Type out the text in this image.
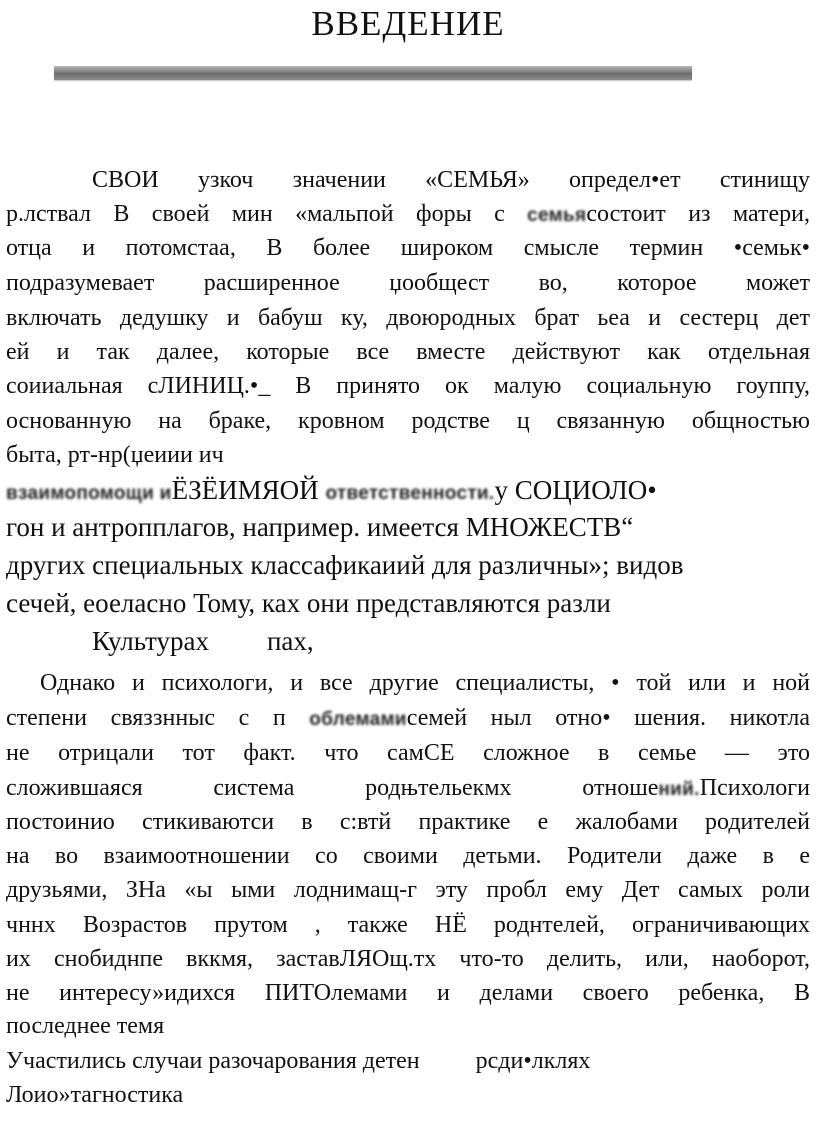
ВВЕДЕНИЕ
СВОИ узкоч значении «СЕМЬЯ» определ•ет стинищу
р.лствал В своей мин «мальпой форы с семьясостоит из матери,
отца и потомстаа, В более широком смысле термин •семьк•
подразумевает расширенное џообщест во, которое может
включать дедушку и бабуш ку, двоюродных брат ьеа и сестерц дет
ей и так далее, которые все вместе действуют как отдельная
соииальная сЛИНИЦ.•_ В принято ок малую социальную гоуппу,
основанную на браке, кровном родстве ц связанную общностью
быта, рт-нр(џеиии ич
взаимопомощи иЁЗЁИМЯОЙ ответственности.у СОЦИОЛО•
гон и антропплагов, например. имеется МНОЖЕСТВ“
других специальных классафикаиий для различны»; видов
сечей, еоеласно Тому, ках они представляются разли
Культурах пах,
Однако и психологи, и все другие специалисты, • той или и ной
степени связзнныс с п облемамисемей ныл отно• шения. никотла
не отрицали тот факт. что самСЕ сложное в семье — это
сложившаяся система родњтельекмх отношений.Психологи
постоинио стикиваютси в с:втй практике е жалобами родителей
на во взаимоотношении со своими детьми. Родители даже в е
друзьями, ЗНа «ы ыми лоднимащ-г эту пробл ему Дет самых роли
чннх Возрастов прутом , также НЁ роднтелей, ограничивающих
их снобиднпе вккмя, заставЛЯОщ.тх что-то делить, или, наоборот,
не интересу»идихся ПИТОлемами и делами своего ребенка, В
последнее темя
Участились случаи разочарования детен рсди•лклях
Лоио»тагностика
